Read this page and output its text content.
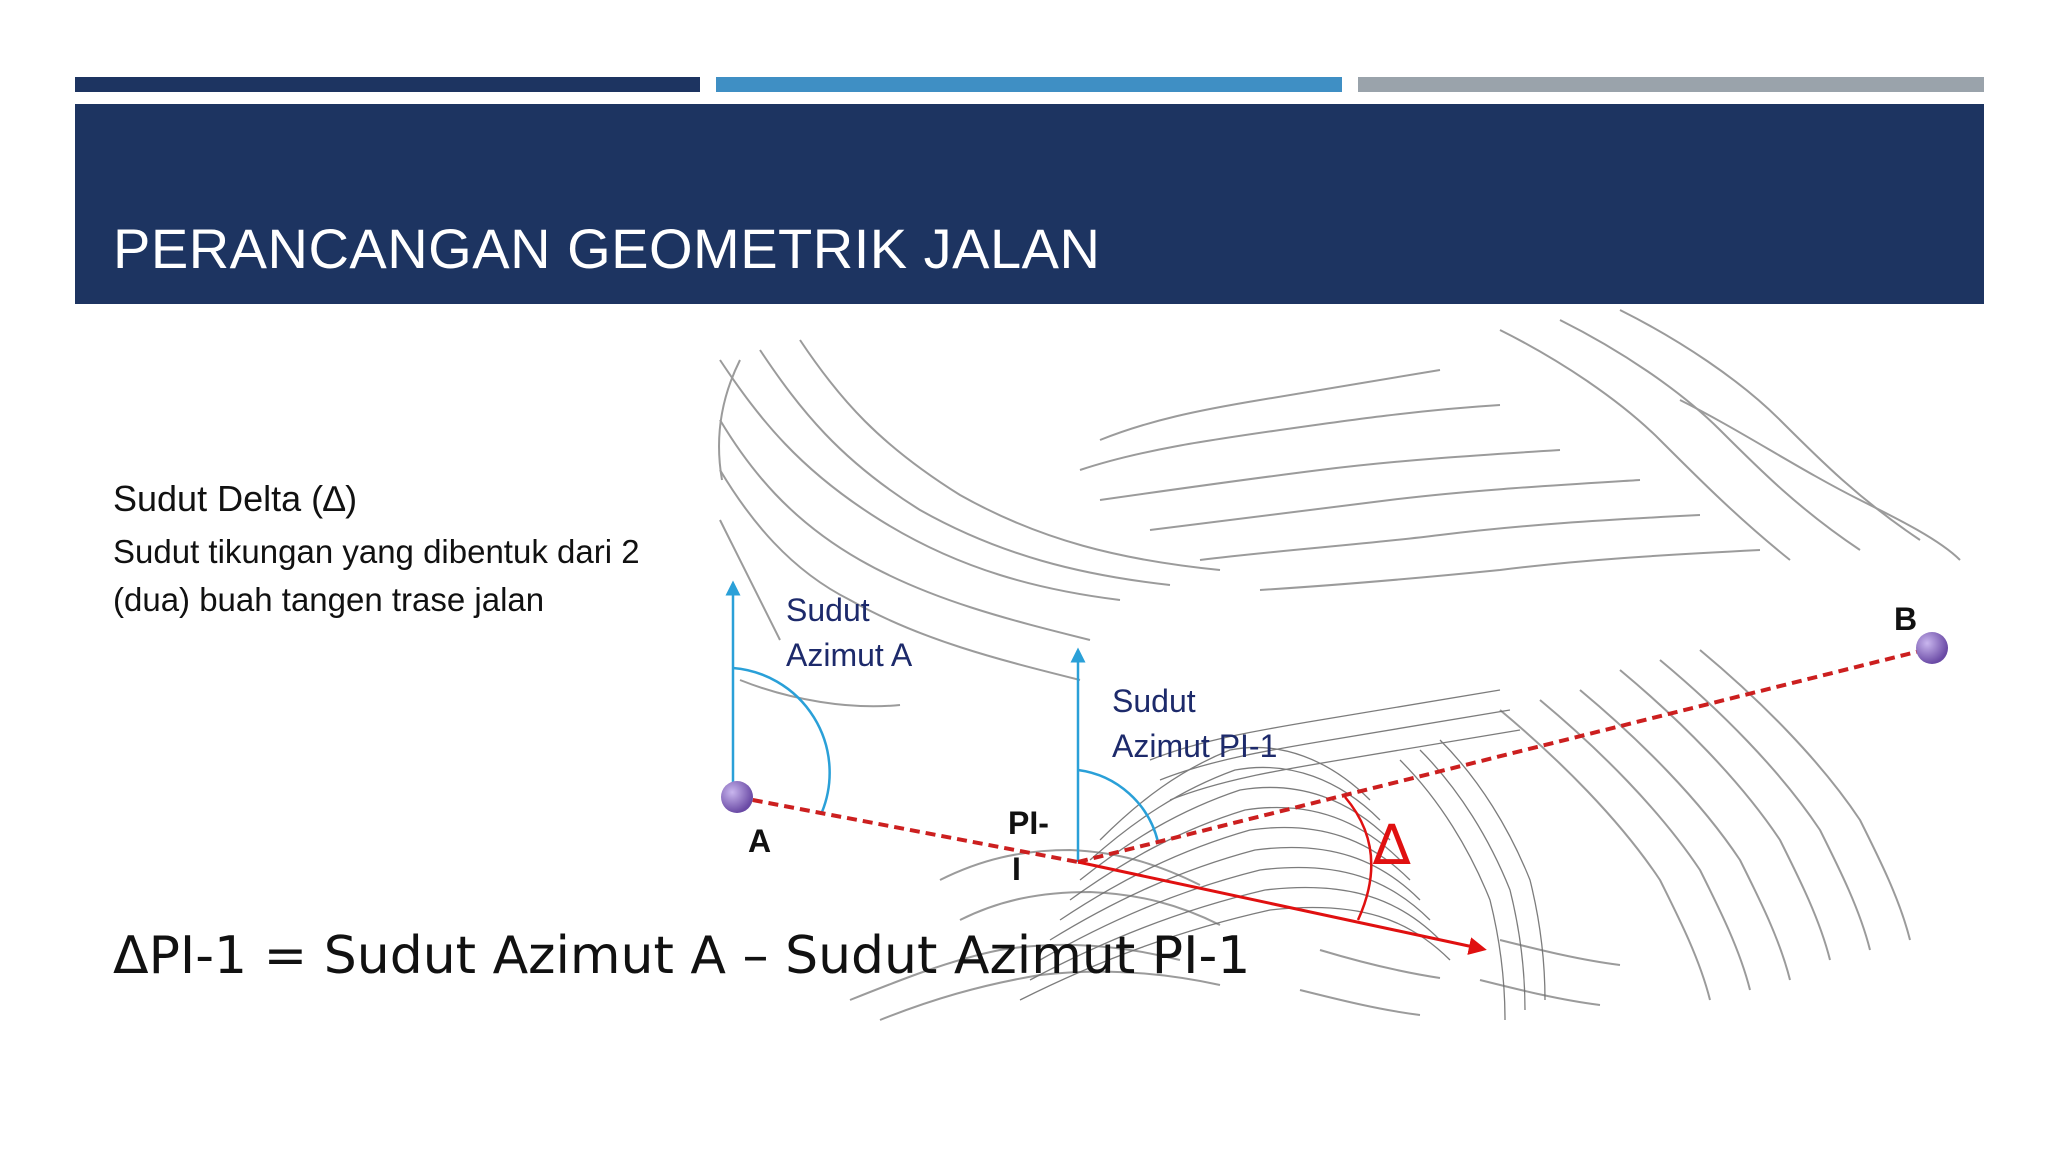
PERANCANGAN GEOMETRIK JALAN
Sudut
Azimut A
Sudut
Azimut PI-1
A
B
PI-
I	∆
Sudut Delta (∆)
Sudut tikungan yang dibentuk dari 2 (dua) buah tangen trase jalan
ΔPI-1 = Sudut Azimut A – Sudut Azimut PI-1
